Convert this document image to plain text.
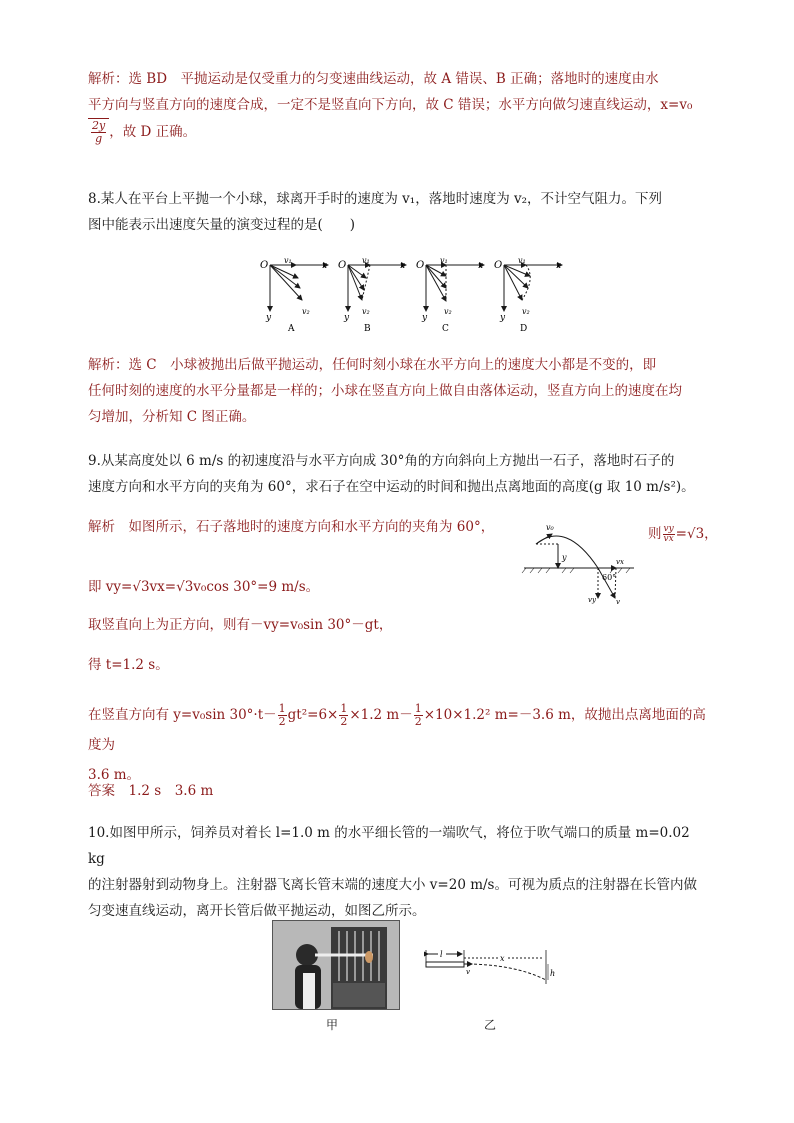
解析：选 BD　平抛运动是仅受重力的匀变速曲线运动，故 A 错误、B 正确；落地时的速度由水
平方向与竖直方向的速度合成，一定不是竖直向下方向，故 C 错误；水平方向做匀速直线运动，x=v₀
$\frac{2y}{g}$ ，故 D 正确。
8.某人在平台上平抛一个小球，球离开手时的速度为 v₁，落地时速度为 v₂，不计空气阻力。下列
图中能表示出速度矢量的演变过程的是(　　)
O	x
y
v₁
v₂
A
O	x
y
v₁
v₂
B
O	x
y
v₁
v₂
C
O	x
y
v₁
v₂
D
解析：选 C　小球被抛出后做平抛运动，任何时刻小球在水平方向上的速度大小都是不变的，即
任何时刻的速度的水平分量都是一样的；小球在竖直方向上做自由落体运动，竖直方向上的速度在均
匀增加，分析知 C 图正确。
9.从某高度处以 6 m/s 的初速度沿与水平方向成 30°角的方向斜向上方抛出一石子，落地时石子的
速度方向和水平方向的夹角为 60°，求石子在空中运动的时间和抛出点离地面的高度(g 取 10 m/s²)。
解析　如图所示，石子落地时的速度方向和水平方向的夹角为 60°，	则 $\frac{vy}{vx} =√3$，
v₀
y	vx
vy	v
60°
即 vy=√3vx=√3v₀cos 30°=9 m/s。
取竖直向上为正方向，则有－vy=v₀sin 30°－gt，
得 t=1.2 s。
在竖直方向有 y=v₀sin $30^\circ\cdot t- \frac{1}{2} gt^2=6\times \frac{1}{2} \times 1.2$ $m- \frac{1}{2} \times 10\times 1.2^2$ m=－3.6 m，故抛出点离地面的高度为
3.6 m。
答案　1.2 s　3.6 m
10.如图甲所示，饲养员对着长 l=1.0 m 的水平细长管的一端吹气，将位于吹气端口的质量 m=0.02 kg
的注射器射到动物身上。注射器飞离长管末端的速度大小 v=20 m/s。可视为质点的注射器在长管内做
匀变速直线运动，离开长管后做平抛运动，如图乙所示。
甲
l
v
x
h
乙
